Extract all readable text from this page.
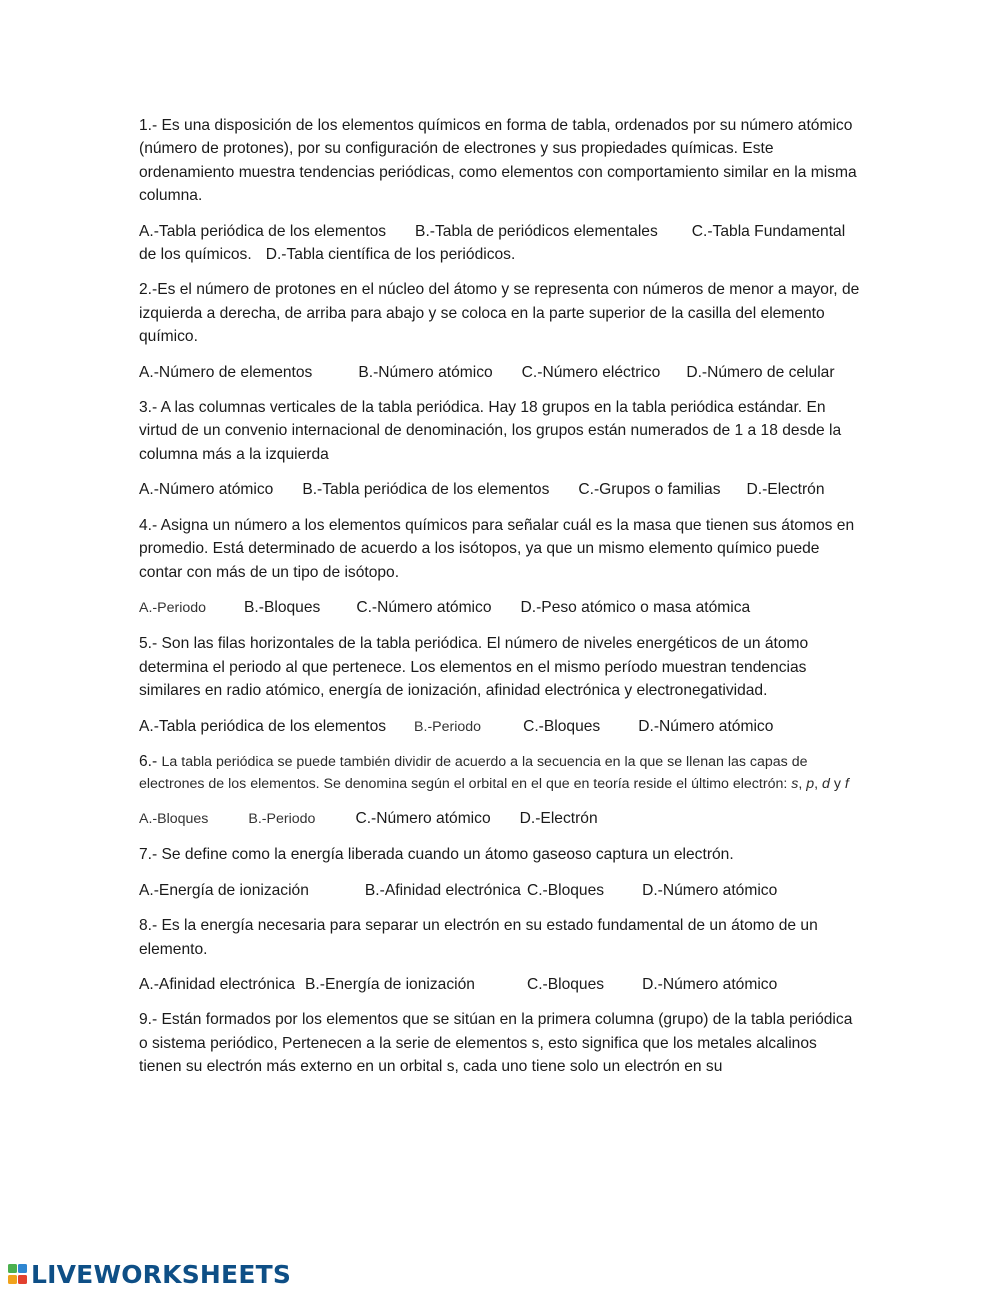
1.- Es una disposición de los elementos químicos en forma de tabla, ordenados por su número atómico (número de protones), por su configuración de electrones y sus propiedades químicas. Este ordenamiento muestra tendencias periódicas, como elementos con comportamiento similar en la misma columna.

A.-Tabla periódica de los elementos B.-Tabla de periódicos elementales C.-Tabla Fundamental de los químicos. D.-Tabla científica de los periódicos.

2.-Es el número de protones en el núcleo del átomo y se representa con números de menor a mayor, de izquierda a derecha, de arriba para abajo y se coloca en la parte superior de la casilla del elemento químico.

A.-Número de elementos	B.-Número atómico C.-Número eléctrico D.-Número de celular

3.- A las columnas verticales de la tabla periódica. Hay 18 grupos en la tabla periódica estándar. En virtud de un convenio internacional de denominación, los grupos están numerados de 1 a 18 desde la columna más a la izquierda

A.-Número atómico B.-Tabla periódica de los elementos C.-Grupos o familias D.-Electrón

4.- Asigna un número a los elementos químicos para señalar cuál es la masa que tienen sus átomos en promedio. Está determinado de acuerdo a los isótopos, ya que un mismo elemento químico puede contar con más de un tipo de isótopo.

A.-Periodo B.-Bloques C.-Número atómico D.-Peso atómico o masa atómica

5.- Son las filas horizontales de la tabla periódica. El número de niveles energéticos de un átomo determina el periodo al que pertenece. Los elementos en el mismo período muestran tendencias similares en radio atómico, energía de ionización, afinidad electrónica y electronegatividad.

A.-Tabla periódica de los elementos B.-Periodo	C.-Bloques D.-Número atómico

6.- La tabla periódica se puede también dividir de acuerdo a la secuencia en la que se llenan las capas de electrones de los elementos. Se denomina según el orbital en el que en teoría reside el último electrón: s, p, d y f

A.-Bloques	B.-Periodo	C.-Número atómico D.-Electrón

7.- Se define como la energía liberada cuando un átomo gaseoso captura un electrón.

A.-Energía de ionización	B.-Afinidad electrónica C.-Bloques D.-Número atómico

8.- Es la energía necesaria para separar un electrón en su estado fundamental de un átomo de un elemento.

A.-Afinidad electrónica B.-Energía de ionización	C.-Bloques D.-Número atómico

9.- Están formados por los elementos que se sitúan en la primera columna (grupo) de la tabla periódica o sistema periódico, Pertenecen a la serie de elementos s, esto significa que los metales alcalinos tienen su electrón más externo en un orbital s, cada uno tiene solo un electrón en su

LIVEWORKSHEETS
